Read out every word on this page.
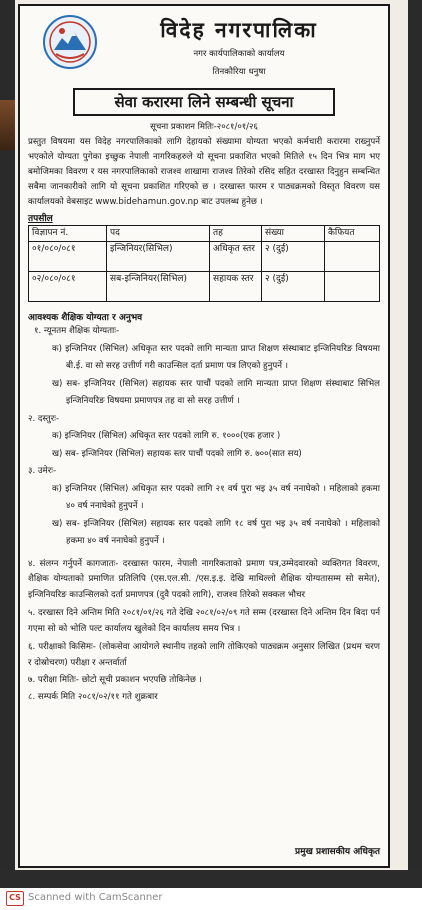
विदेह नगरपालिका
नगर कार्यपालिकाको कार्यालय
तिनकौरिया धनुषा
सेवा करारमा लिने सम्बन्धी सूचना
सूचना प्रकाशन मितिः-२०८१/०१/२६
प्रस्तुत विषयमा यस विदेह नगरपालिकाको लागि देहायको संख्यामा योग्यता भएको कर्मचारी करारमा राख्नुपर्ने भएकोले योग्यता पुगेका इच्छुक नेपाली नागरिकहरुले यो सूचना प्रकाशित भएको मितिले १५ दिन भित्र माग भए बमोजिमका विवरण र यस नगरपालिकाको राजश्व शाखामा राजश्व तिरेको रसिद सहित दरखास्त दिनुहुन सम्बन्धित सबैमा जानकारीको लागि यो सूचना प्रकाशित गरिएको छ । दरखास्त फारम र पाठ्यक्रमको विस्तृत विवरण यस कार्यालयको वेबसाइट www.bidehamun.gov.np बाट उपलब्ध हुनेछ ।
तपसील
विज्ञापन नं.	पद	तह	संख्या	कैफियत
०१/०८०/०८१	इन्जिनियर(सिभिल)	अधिकृत स्तर	२ (दुई)	
०२/०८०/०८१	सब-इन्जिनियर(सिभिल)	सहायक स्तर	२ (दुई)	
आवश्यक शैक्षिक योग्यता र अनुभव
१. न्यूनतम शैक्षिक योग्यताः-
क) इन्जिनियर (सिभिल) अधिकृत स्तर पदको लागि मान्यता प्राप्त शिक्षण संस्थाबाट इन्जिनियरिङ विषयमा बी.ई. वा सो सरह उत्तीर्ण गरी काउन्सिल दर्ता प्रमाण पत्र लिएको हुनुपर्ने ।
ख) सब- इन्जिनियर (सिभिल) सहायक स्तर पाचौं पदको लागि मान्यता प्राप्त शिक्षण संस्थाबाट सिभिल इन्जिनियरिङ विषयमा प्रमाणपत्र तह वा सो सरह उत्तीर्ण ।
२. दस्तुरः-
क) इन्जिनियर (सिभिल) अधिकृत स्तर पदको लागि रु. १०००(एक हजार )
ख) सब- इन्जिनियर (सिभिल) सहायक स्तर पाचौं पदको लागि रु. ७००(सात सय)
३. उमेरः-
क) इन्जिनियर (सिभिल) अधिकृत स्तर पदको लागि २१ वर्ष पुरा भइ ३५ वर्ष ननाघेको । महिलाको हकमा ४० वर्ष ननाघेको हुनुपर्ने ।
ख) सब- इन्जिनियर (सिभिल) सहायक स्तर पदको लागि १८ वर्ष पुरा भइ ३५ वर्ष ननाघेको । महिलाको हकमा ४० वर्ष ननाघेको हुनुपर्ने ।
४. संलग्न गर्नुपर्ने कागजातः- दरखास्त फारम, नेपाली नागरिकताको प्रमाण पत्र,उम्मेदवारको व्यक्तिगत विवरण, शैक्षिक योग्यताको प्रमाणित प्रतिलिपि (एस.एल.सी. /एस.इ.इ. देखि माथिल्लो शैक्षिक योग्यतासम्म सो समेत), इन्जिनियरिङ काउन्सिलको दर्ता प्रमाणपत्र (दुवै पदको लागि), राजश्व तिरेको सक्कल भौचर
५. दरखास्त दिने अन्तिम मिति २०८१/०१/२६ गते देखि २०८१/०२/०९ गते सम्म (दरखास्त दिने अन्तिम दिन बिदा पर्न गएमा सो को भोलि पल्ट कार्यालय खुलेको दिन कार्यालय समय भित्र ।
६. परीक्षाको किसिमः- (लोकसेवा आयोगले स्थानीय तहको लागि तोकिएको पाठ्यक्रम अनुसार लिखित (प्रथम चरण र दोस्रोचरण) परीक्षा र अन्तर्वार्ता
७. परीक्षा मितिः- छोटो सूची प्रकाशन भएपछि तोकिनेछ ।
८. सम्पर्क मिति २०८१/०२/११ गते शुक्रबार
प्रमुख प्रशासकीय अधिकृत
CS Scanned with CamScanner
